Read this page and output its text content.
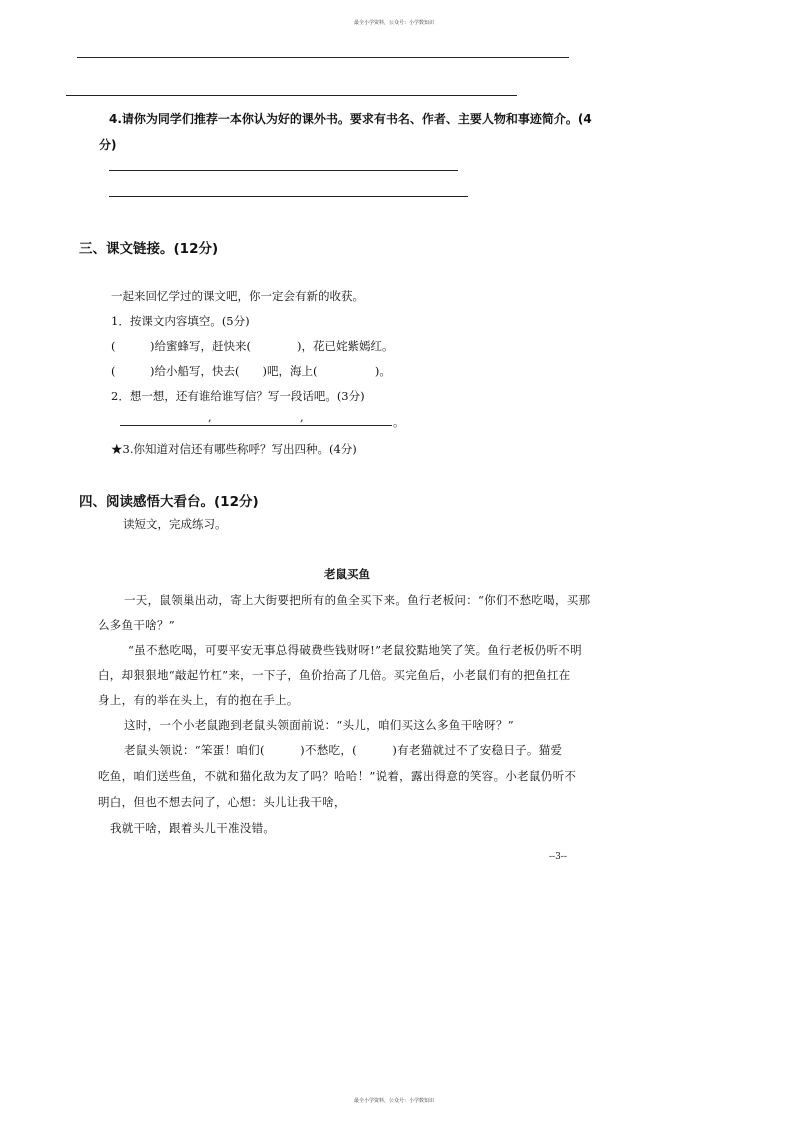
最全小学资料，公众号：小学数知识
最全小学资料，公众号：小学数知识
4.请你为同学们推荐一本你认为好的课外书。要求有书名、作者、主要人物和事迹简介。(4
分)
三、课文链接。(12分)
一起来回忆学过的课文吧，你一定会有新的收获。
1．按课文内容填空。(5分)
(　　　)给蜜蜂写，赶快来(　　　　)，花已姹紫嫣红。
(　　　)给小船写，快去(　　)吧，海上(　　　　　)。
2．想一想，还有谁给谁写信？写一段话吧。(3分)
,	,	。
★3.你知道对信还有哪些称呼？写出四种。(4分)
四、阅读感悟大看台。(12分)
读短文，完成练习。
老鼠买鱼
一天，鼠领巢出动，寄上大街要把所有的鱼全买下来。鱼行老板问：“你们不愁吃喝，买那
么多鱼干啥？”
“虽不愁吃喝，可要平安无事总得破费些钱财呀!”老鼠狡黠地笑了笑。鱼行老板仍听不明
白，却狠狠地“敲起竹杠”来，一下子，鱼价抬高了几倍。买完鱼后，小老鼠们有的把鱼扛在
身上，有的举在头上，有的抱在手上。
这时，一个小老鼠跑到老鼠头领面前说：“头儿，咱们买这么多鱼干啥呀？”
老鼠头领说：“笨蛋！咱们(　　　)不愁吃，(　　　)有老猫就过不了安稳日子。猫爱
吃鱼，咱们送些鱼，不就和猫化敌为友了吗？哈哈！”说着，露出得意的笑容。小老鼠仍听不
明白，但也不想去问了，心想：头儿让我干啥，
我就干啥，跟着头儿干准没错。
--3--
